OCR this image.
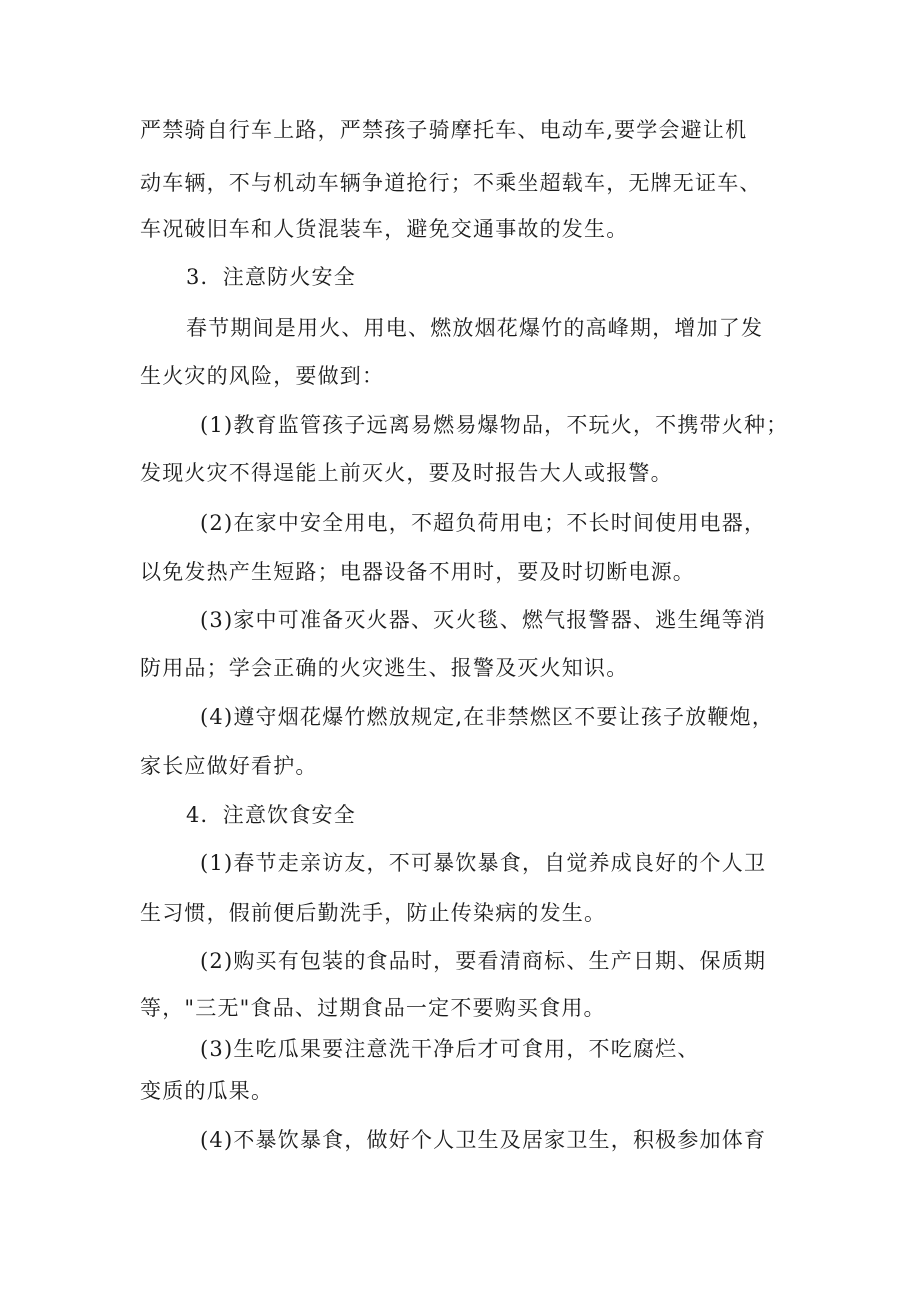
严禁骑自行车上路，严禁孩子骑摩托车、电动车,要学会避让机
动车辆，不与机动车辆争道抢行；不乘坐超载车，无牌无证车、
车况破旧车和人货混装车，避免交通事故的发生。
3．注意防火安全
春节期间是用火、用电、燃放烟花爆竹的高峰期，增加了发
生火灾的风险，要做到：
(1)教育监管孩子远离易燃易爆物品，不玩火，不携带火种；
发现火灾不得逞能上前灭火，要及时报告大人或报警。
(2)在家中安全用电，不超负荷用电；不长时间使用电器，
以免发热产生短路；电器设备不用时，要及时切断电源。
(3)家中可准备灭火器、灭火毯、燃气报警器、逃生绳等消
防用品；学会正确的火灾逃生、报警及灭火知识。
(4)遵守烟花爆竹燃放规定,在非禁燃区不要让孩子放鞭炮，
家长应做好看护。
4．注意饮食安全
(1)春节走亲访友，不可暴饮暴食，自觉养成良好的个人卫
生习惯，假前便后勤洗手，防止传染病的发生。
(2)购买有包装的食品时，要看清商标、生产日期、保质期
等，"三无"食品、过期食品一定不要购买食用。
(3)生吃瓜果要注意洗干净后才可食用，不吃腐烂、
变质的瓜果。
(4)不暴饮暴食，做好个人卫生及居家卫生，积极参加体育
